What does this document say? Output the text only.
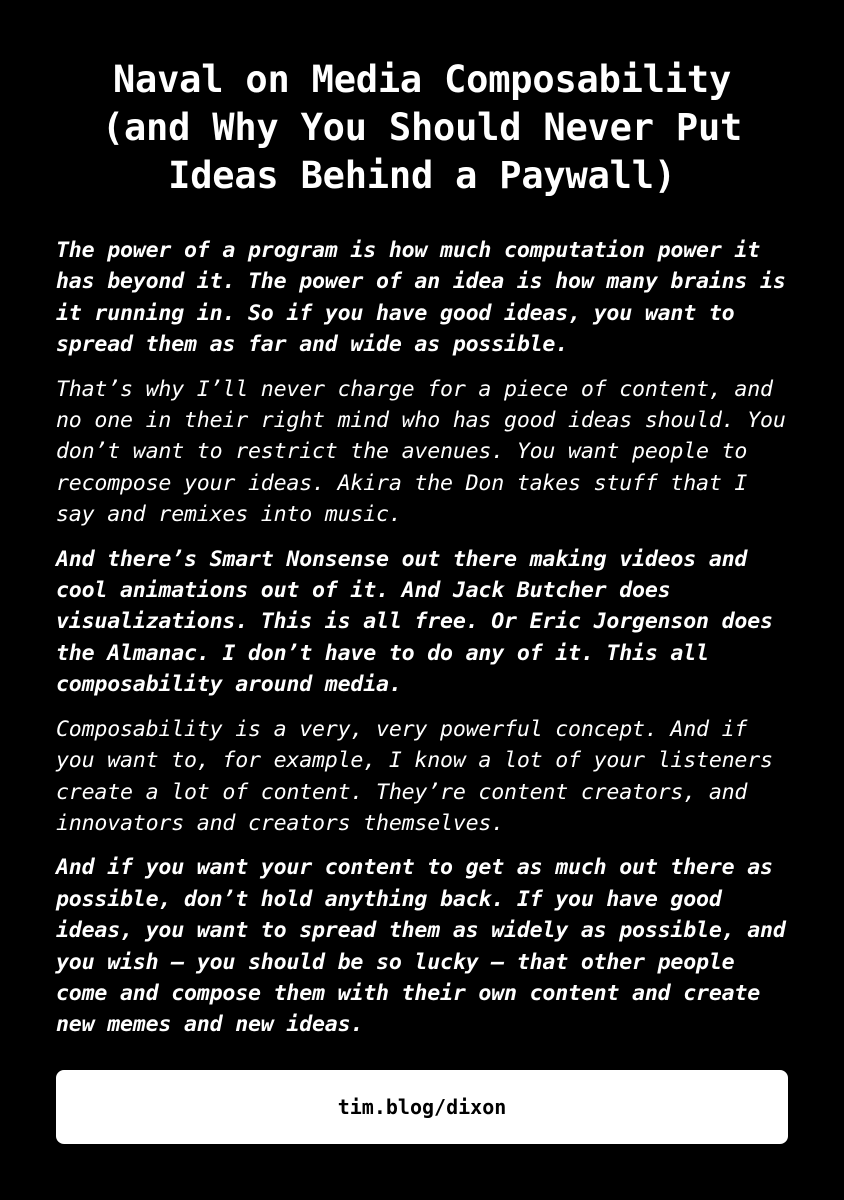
Naval on Media Composability
(and Why You Should Never Put
Ideas Behind a Paywall)

The power of a program is how much computation power it has beyond it. The power of an idea is how many brains is it running in. So if you have good ideas, you want to spread them as far and wide as possible.

That’s why I’ll never charge for a piece of content, and no one in their right mind who has good ideas should. You don’t want to restrict the avenues. You want people to recompose your ideas. Akira the Don takes stuff that I say and remixes into music.

And there’s Smart Nonsense out there making videos and cool animations out of it. And Jack Butcher does visualizations. This is all free. Or Eric Jorgenson does the Almanac. I don’t have to do any of it. This all composability around media.

Composability is a very, very powerful concept. And if you want to, for example, I know a lot of your listeners create a lot of content. They’re content creators, and innovators and creators themselves.

And if you want your content to get as much out there as possible, don’t hold anything back. If you have good ideas, you want to spread them as widely as possible, and you wish — you should be so lucky — that other people come and compose them with their own content and create new memes and new ideas.

tim.blog/dixon
